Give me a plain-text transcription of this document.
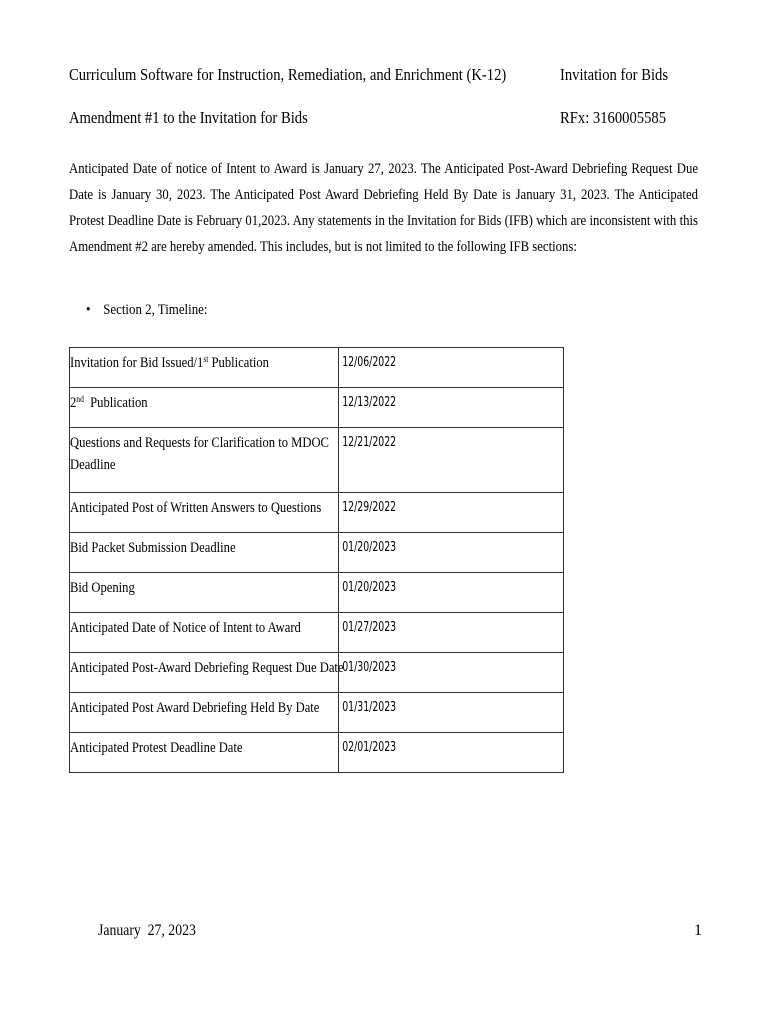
Curriculum Software for Instruction, Remediation, and Enrichment (K-12)	Invitation for Bids
Amendment #1 to the Invitation for Bids	RFx: 3160005585
Anticipated Date of notice of Intent to Award is January 27, 2023. The Anticipated Post-Award Debriefing Request Due Date is January 30, 2023. The Anticipated Post Award Debriefing Held By Date is January 31, 2023. The Anticipated Protest Deadline Date is February 01,2023. Any statements in the Invitation for Bids (IFB) which are inconsistent with this Amendment #2 are hereby amended. This includes, but is not limited to the following IFB sections:
• Section 2, Timeline:
Invitation for Bid Issued/1st Publication	12/06/2022

2nd  Publication	12/13/2022

Questions and Requests for Clarification to MDOC
Deadline	12/21/2022

Anticipated Post of Written Answers to Questions	12/29/2022

Bid Packet Submission Deadline	01/20/2023

Bid Opening	01/20/2023

Anticipated Date of Notice of Intent to Award	01/27/2023

Anticipated Post-Award Debriefing Request Due Date	01/30/2023

Anticipated Post Award Debriefing Held By Date	01/31/2023

Anticipated Protest Deadline Date	02/01/2023
January  27, 2023	1
